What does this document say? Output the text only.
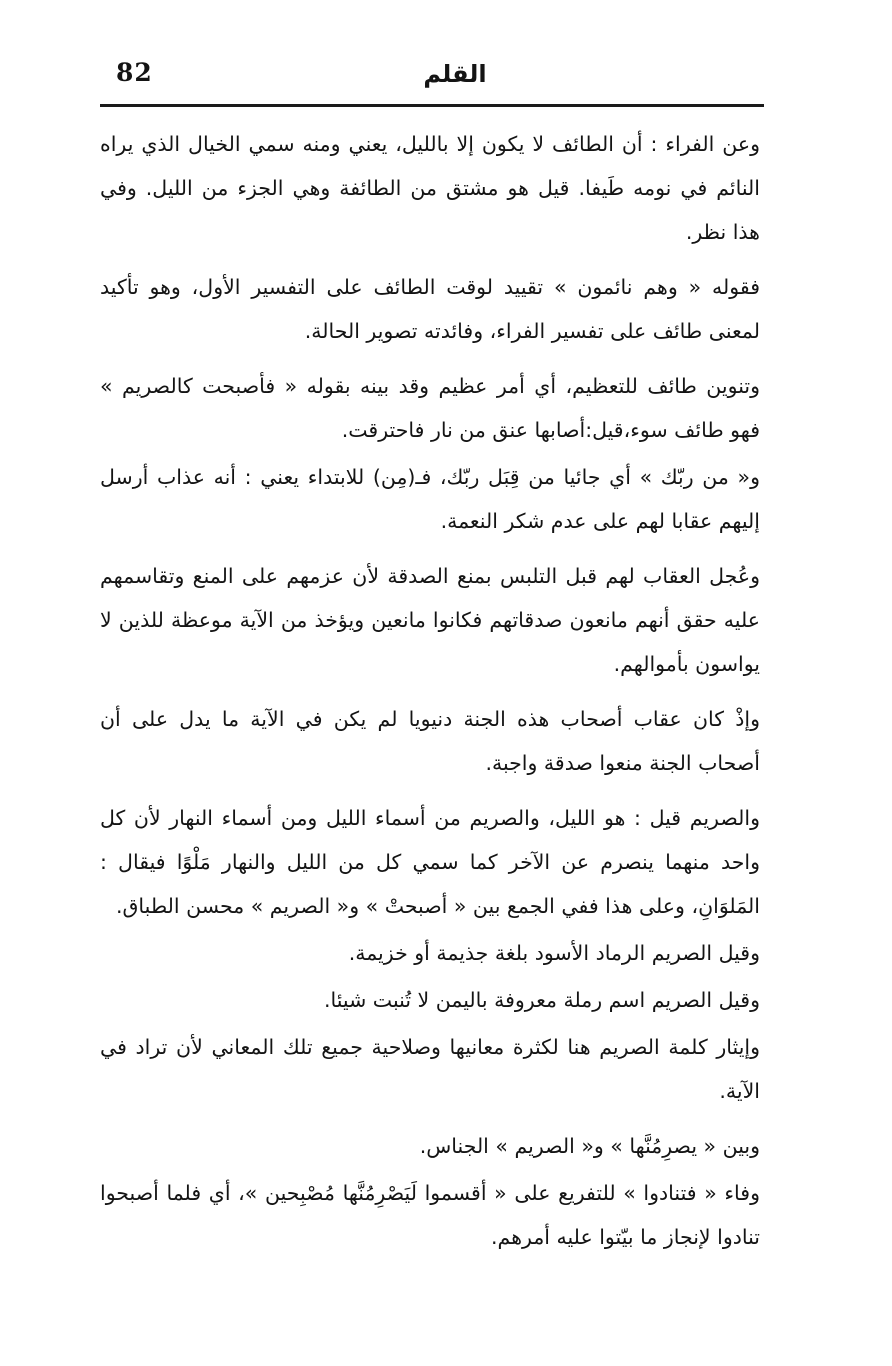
82	القلم

وعن الفراء : أن الطائف لا يكون إلا بالليل، يعني ومنه سمي الخيال الذي يراه النائم في نومه طَيفا. قيل هو مشتق من الطائفة وهي الجزء من الليل. وفي هذا نظر.

فقوله « وهم نائمون » تقييد لوقت الطائف على التفسير الأول، وهو تأكيد لمعنى طائف على تفسير الفراء، وفائدته تصوير الحالة.

وتنوين طائف للتعظيم، أي أمر عظيم وقد بينه بقوله « فأصبحت كالصريم » فهو طائف سوء،قيل:أصابها عنق من نار فاحترقت.

و« من ربّك » أي جائيا من قِبَل ربّك، فـ(مِن) للابتداء يعني : أنه عذاب أرسل إليهم عقابا لهم على عدم شكر النعمة.

وعُجل العقاب لهم قبل التلبس بمنع الصدقة لأن عزمهم على المنع وتقاسمهم عليه حقق أنهم مانعون صدقاتهم فكانوا مانعين ويؤخذ من الآية موعظة للذين لا يواسون بأموالهم.

وإذْ كان عقاب أصحاب هذه الجنة دنيويا لم يكن في الآية ما يدل على أن أصحاب الجنة منعوا صدقة واجبة.

والصريم قيل : هو الليل، والصريم من أسماء الليل ومن أسماء النهار لأن كل واحد منهما ينصرم عن الآخر كما سمي كل من الليل والنهار مَلْوًا فيقال : المَلوَانِ، وعلى هذا ففي الجمع بين « أصبحتْ » و« الصريم » محسن الطباق.

وقيل الصريم الرماد الأسود بلغة جذيمة أو خزيمة.

وقيل الصريم اسم رملة معروفة باليمن لا تُنبت شيئا.

وإيثار كلمة الصريم هنا لكثرة معانيها وصلاحية جميع تلك المعاني لأن تراد في الآية.

وبين « يصرِمُنَّها » و« الصريم » الجناس.

وفاء « فتنادوا » للتفريع على « أقسموا لَيَصْرِمُنَّها مُصْبِحين »، أي فلما أصبحوا تنادوا لإنجاز ما بيّتوا عليه أمرهم.
